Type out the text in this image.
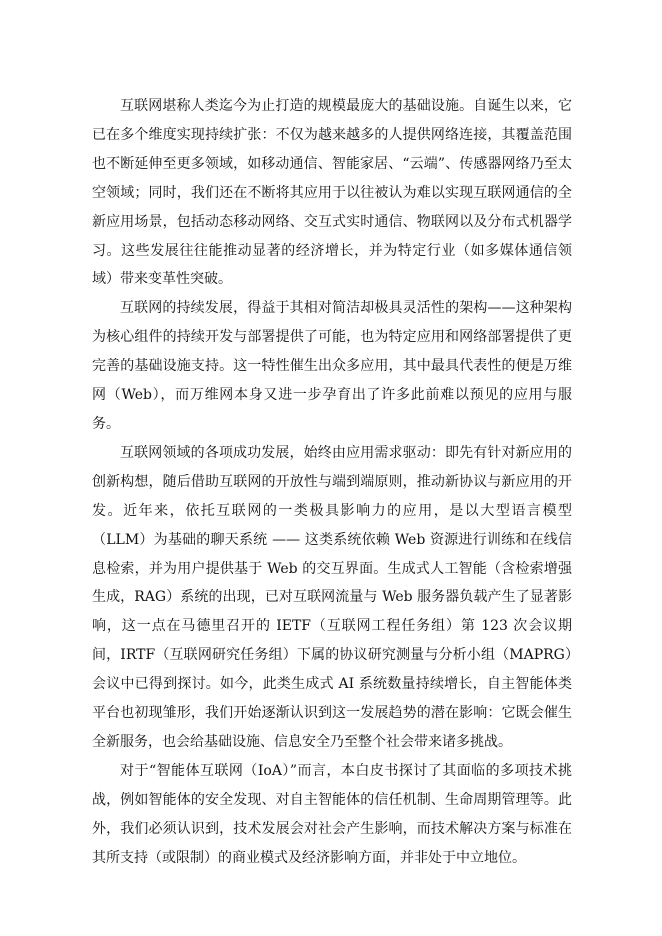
互联网堪称人类迄今为止打造的规模最庞大的基础设施。自诞生以来，它已在多个维度实现持续扩张：不仅为越来越多的人提供网络连接，其覆盖范围也不断延伸至更多领域，如移动通信、智能家居、“云端”、传感器网络乃至太空领域；同时，我们还在不断将其应用于以往被认为难以实现互联网通信的全新应用场景，包括动态移动网络、交互式实时通信、物联网以及分布式机器学习。这些发展往往能推动显著的经济增长，并为特定行业（如多媒体通信领域）带来变革性突破。

互联网的持续发展，得益于其相对简洁却极具灵活性的架构——这种架构为核心组件的持续开发与部署提供了可能，也为特定应用和网络部署提供了更完善的基础设施支持。这一特性催生出众多应用，其中最具代表性的便是万维网（Web），而万维网本身又进一步孕育出了许多此前难以预见的应用与服务。

互联网领域的各项成功发展，始终由应用需求驱动：即先有针对新应用的创新构想，随后借助互联网的开放性与端到端原则，推动新协议与新应用的开发。近年来，依托互联网的一类极具影响力的应用，是以大型语言模型（LLM）为基础的聊天系统 —— 这类系统依赖 Web 资源进行训练和在线信息检索，并为用户提供基于 Web 的交互界面。生成式人工智能（含检索增强生成，RAG）系统的出现，已对互联网流量与 Web 服务器负载产生了显著影响，这一点在马德里召开的 IETF（互联网工程任务组）第 123 次会议期间，IRTF（互联网研究任务组）下属的协议研究测量与分析小组（MAPRG）会议中已得到探讨。如今，此类生成式 AI 系统数量持续增长，自主智能体类平台也初现雏形，我们开始逐渐认识到这一发展趋势的潜在影响：它既会催生全新服务，也会给基础设施、信息安全乃至整个社会带来诸多挑战。

对于“智能体互联网（IoA）”而言，本白皮书探讨了其面临的多项技术挑战，例如智能体的安全发现、对自主智能体的信任机制、生命周期管理等。此外，我们必须认识到，技术发展会对社会产生影响，而技术解决方案与标准在其所支持（或限制）的商业模式及经济影响方面，并非处于中立地位。
